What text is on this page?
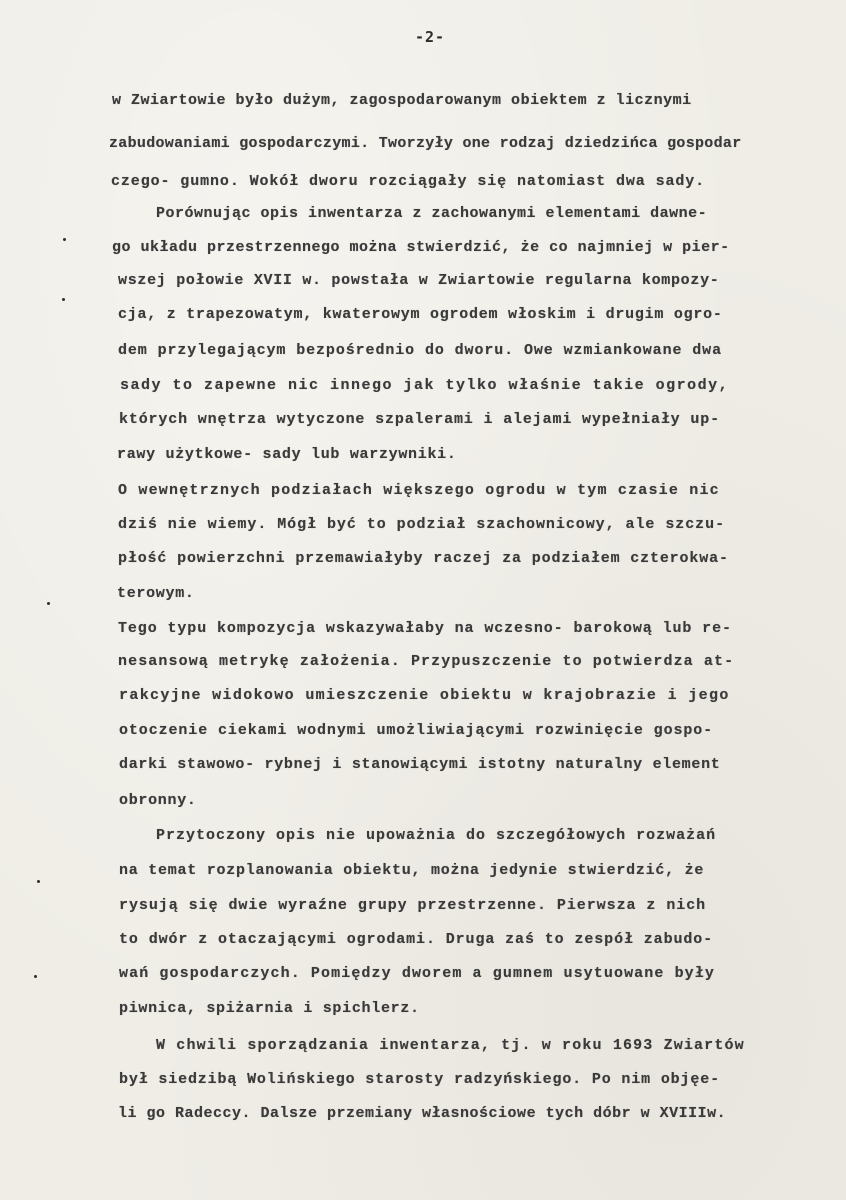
-2-
w Zwiartowie było dużym, zagospodarowanym obiektem z licznymi
zabudowaniami gospodarczymi. Tworzyły one rodzaj dziedzińca gospodar
czego- gumno. Wokół dworu rozciągały się natomiast dwa sady.
Porównując opis inwentarza z zachowanymi elementami dawne-
go układu przestrzennego można stwierdzić, że co najmniej w pier-
wszej połowie XVII w. powstała w Zwiartowie regularna kompozy-
cja, z trapezowatym, kwaterowym ogrodem włoskim i drugim ogro-
dem przylegającym bezpośrednio do dworu. Owe wzmiankowane dwa
sady to zapewne nic innego jak tylko właśnie takie ogrody,
których wnętrza wytyczone szpalerami i alejami wypełniały up-
rawy użytkowe- sady lub warzywniki.
O wewnętrznych podziałach większego ogrodu w tym czasie nic
dziś nie wiemy. Mógł być to podział szachownicowy, ale szczu-
płość powierzchni przemawiałyby raczej za podziałem czterokwa-
terowym.
Tego typu kompozycja wskazywałaby na wczesno- barokową lub re-
nesansową metrykę założenia. Przypuszczenie to potwierdza at-
rakcyjne widokowo umieszczenie obiektu w krajobrazie i jego
otoczenie ciekami wodnymi umożliwiającymi rozwinięcie gospo-
darki stawowo- rybnej i stanowiącymi istotny naturalny element
obronny.
Przytoczony opis nie upoważnia do szczegółowych rozważań
na temat rozplanowania obiektu, można jedynie stwierdzić, że
rysują się dwie wyraźne grupy przestrzenne. Pierwsza z nich
to dwór z otaczającymi ogrodami. Druga zaś to zespół zabudo-
wań gospodarczych. Pomiędzy dworem a gumnem usytuowane były
piwnica, spiżarnia i spichlerz.
W chwili sporządzania inwentarza, tj. w roku 1693 Zwiartów
był siedzibą Wolińskiego starosty radzyńskiego. Po nim objęe-
li go Radeccy. Dalsze przemiany własnościowe tych dóbr w XVIIIw.
